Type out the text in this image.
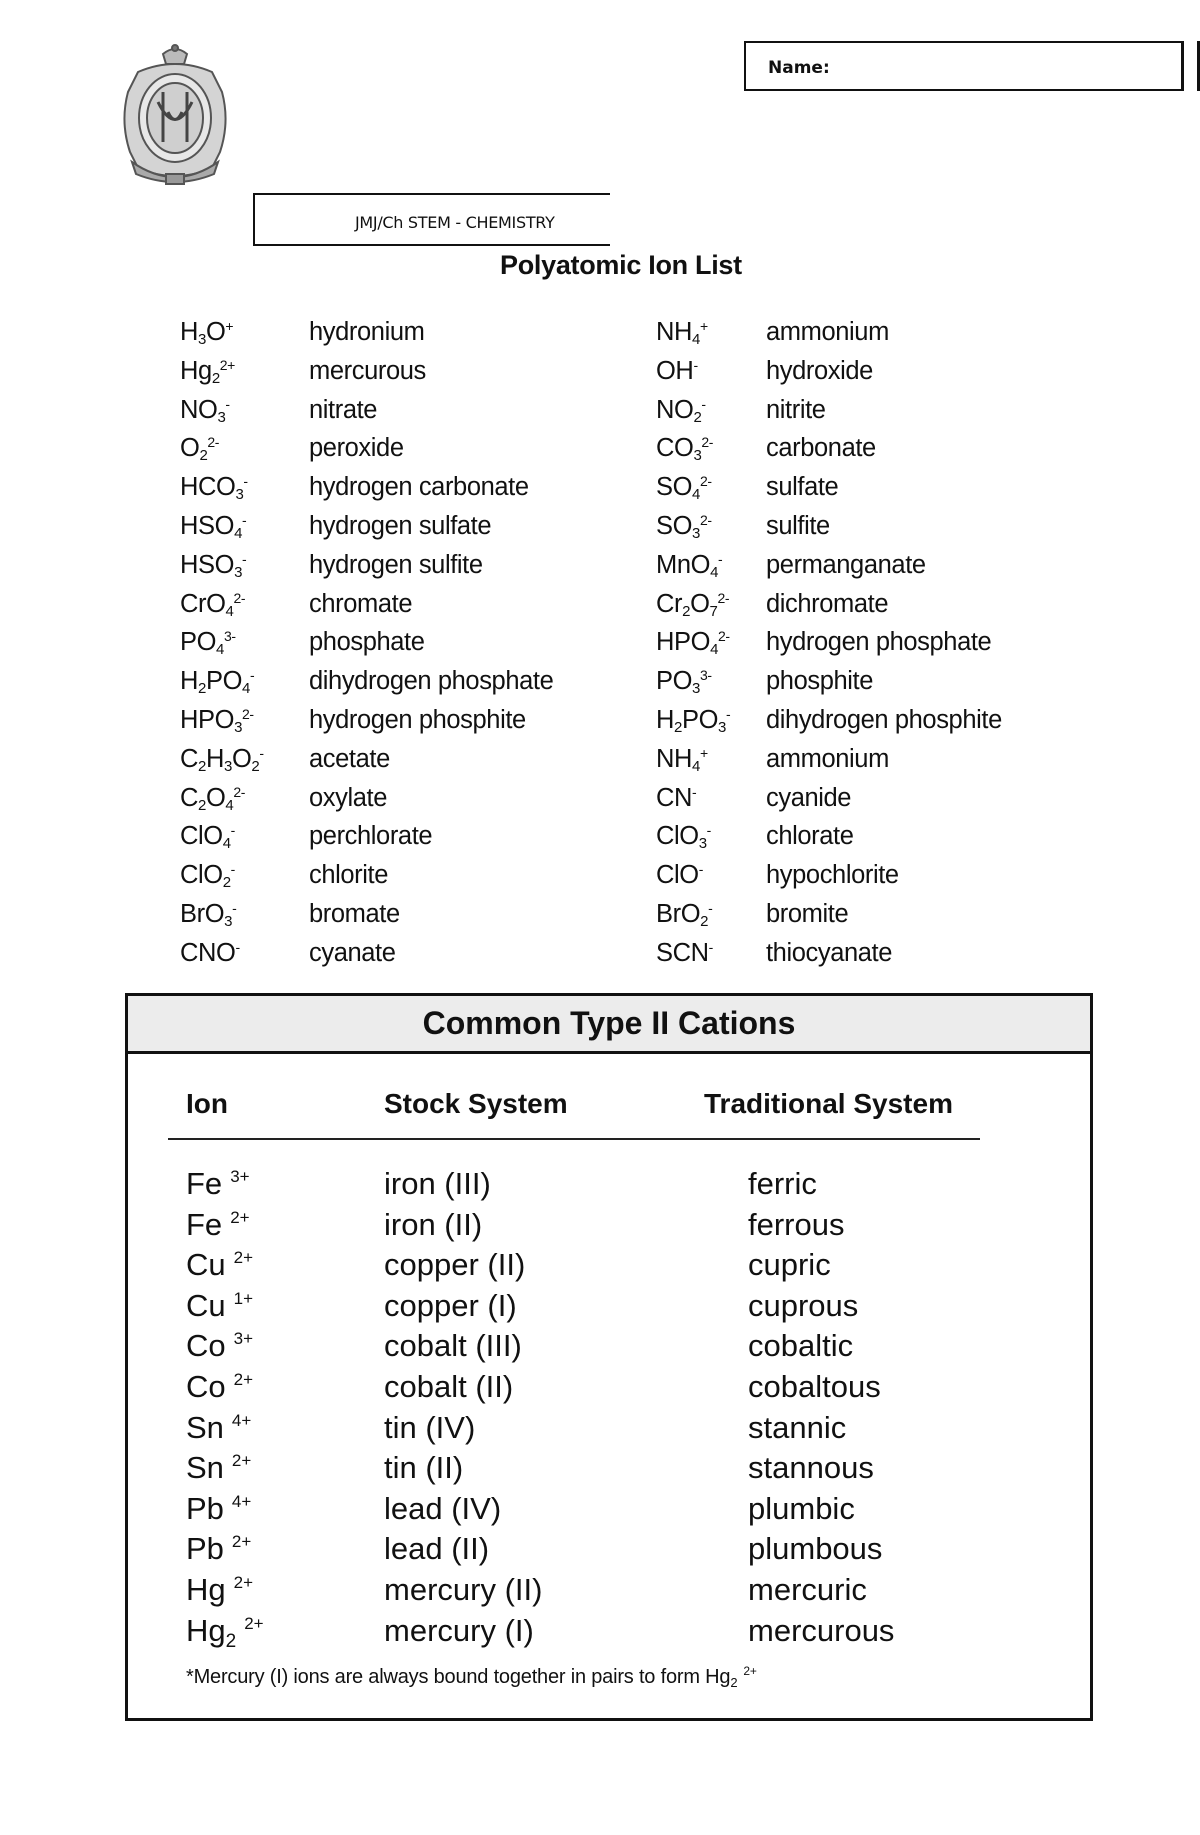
Name:
JMJ/Ch STEM - CHEMISTRY
Polyatomic Ion List
$H_3O^+$	hydronium
$Hg_2^{2+}$	mercurous
$NO_3^-$	nitrate
$O_2^{2-}$	peroxide
$HCO_3^-$ hydrogen carbonate
$HSO_4^-$ hydrogen sulfate
$HSO_3^-$ hydrogen sulfite
CrO$_4^{2-}$	chromate
$PO_4^{3-}$	phosphate
$H_2PO_4^-$ dihydrogen phosphate
$HPO_3^{2-}$ hydrogen phosphite
$C_2H_3O_2^-$ acetate
$C_2O_4^{2-}$	oxylate
ClO$_4$-	perchlorate
ClO$_2$-	chlorite
BrO$_3$-	bromate
CNO-	cyanate
$NH_4^+$ ammonium
OH-	hydroxide
$NO_2^-$ nitrite
$CO_3^{2-}$ carbonate
$SO_4^{2-}$ sulfate
$SO_3^{2-}$ sulfite
MnO$_4$- permanganate
$Cr_2O_7^{2-}$ dichromate
$HPO_4^{2-}$ hydrogen phosphate
$PO_3^{3-}$ phosphite
$H_2PO_3^-$ dihydrogen phosphite
$NH_4^+$ ammonium
CN-	cyanide
ClO$_3$- chlorate
ClO- hypochlorite
BrO$_2$- bromite
SCN- thiocyanate
Common Type II Cations
Ion	Stock System	Traditional System
Fe $^{3+}$	iron (III)	ferric
Fe $^{2+}$	iron (II)	ferrous
Cu $^{2+}$	copper (II)	cupric
Cu $^{1+}$	copper (I)	cuprous
Co $^{3+}$	cobalt (III)	cobaltic
Co $^{2+}$	cobalt (II)	cobaltous
Sn $^{4+}$	tin (IV)	stannic
Sn $^{2+}$	tin (II)	stannous
Pb $^{4+}$	lead (IV)	plumbic
Pb $^{2+}$	lead (II)	plumbous
Hg $^{2+}$	mercury (II)	mercuric
$Hg_2^{2+}$	mercury (I)	mercurous
*Mercury (I) ions are always bound together in pairs to form $Hg_2^{2+}$
